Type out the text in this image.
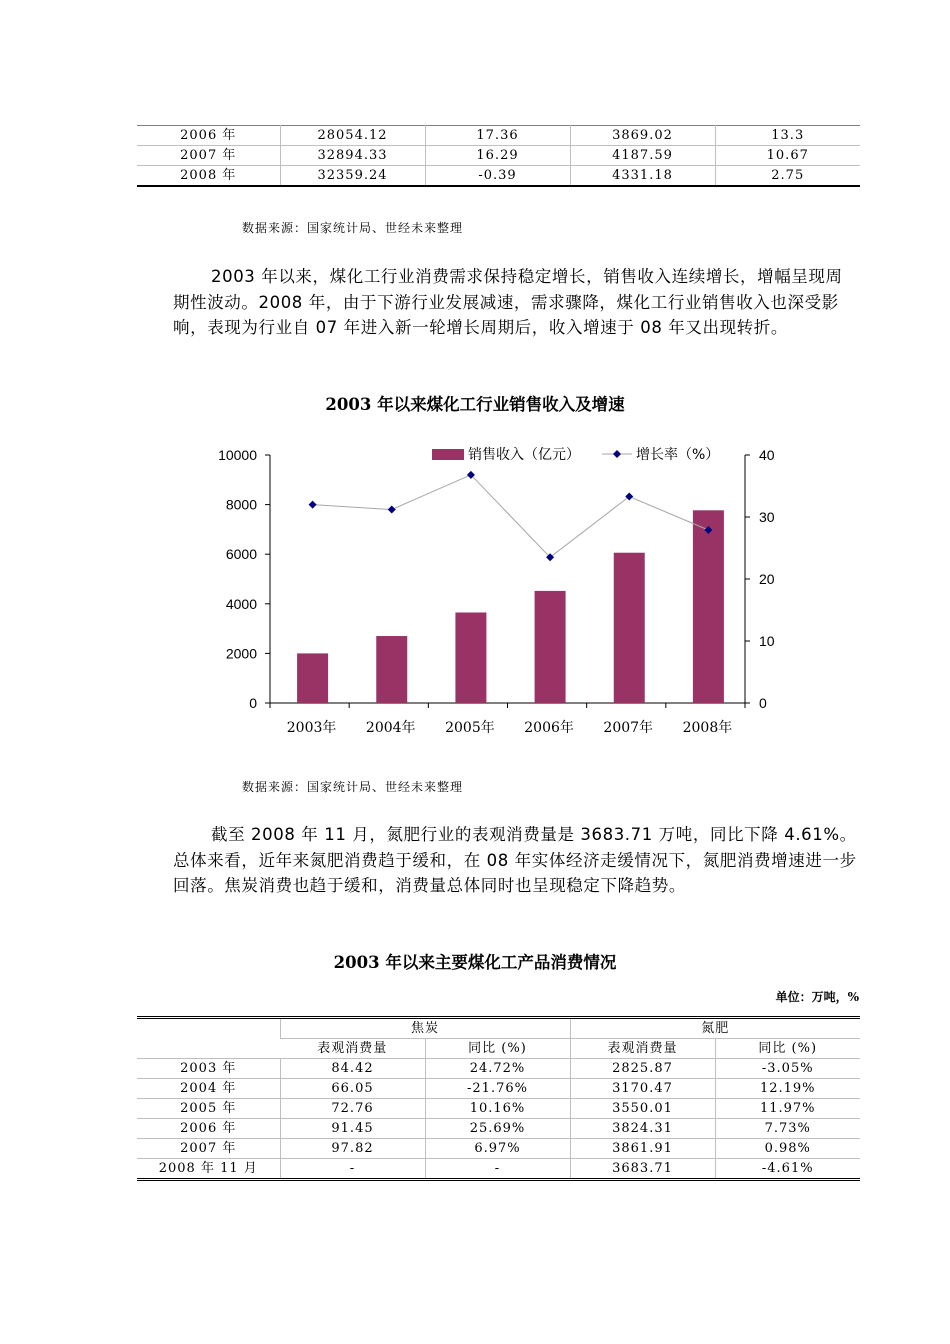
2006 年	28054.12	17.36	3869.02	13.3
2007 年	32894.33	16.29	4187.59	10.67
2008 年	32359.24	-0.39	4331.18	2.75
数据来源：国家统计局、世经未来整理
2003 年以来，煤化工行业消费需求保持稳定增长，销售收入连续增长，增幅呈现周期性波动。2008 年，由于下游行业发展减速，需求骤降，煤化工行业销售收入也深受影响，表现为行业自 07 年进入新一轮增长周期后，收入增速于 08 年又出现转折。
2003 年以来煤化工行业销售收入及增速
0
2000
4000
6000
8000
10000
0
10
20
30
40
2003年 2004年 2005年 2006年 2007年 2008年
销售收入（亿元）	增长率（%）
数据来源：国家统计局、世经未来整理
截至 2008 年 11 月，氮肥行业的表观消费量是 3683.71 万吨，同比下降 4.61%。总体来看，近年来氮肥消费趋于缓和，在 08 年实体经济走缓情况下，氮肥消费增速进一步回落。焦炭消费也趋于缓和，消费量总体同时也呈现稳定下降趋势。
2003 年以来主要煤化工产品消费情况
单位：万吨，%
	焦炭		氮肥	
	表观消费量	同比 (%)	表观消费量	同比 (%)
2003 年	84.42	24.72%	2825.87	-3.05%
2004 年	66.05	-21.76%	3170.47	12.19%
2005 年	72.76	10.16%	3550.01	11.97%
2006 年	91.45	25.69%	3824.31	7.73%
2007 年	97.82	6.97%	3861.91	0.98%
2008 年 11 月	-	-	3683.71	-4.61%
